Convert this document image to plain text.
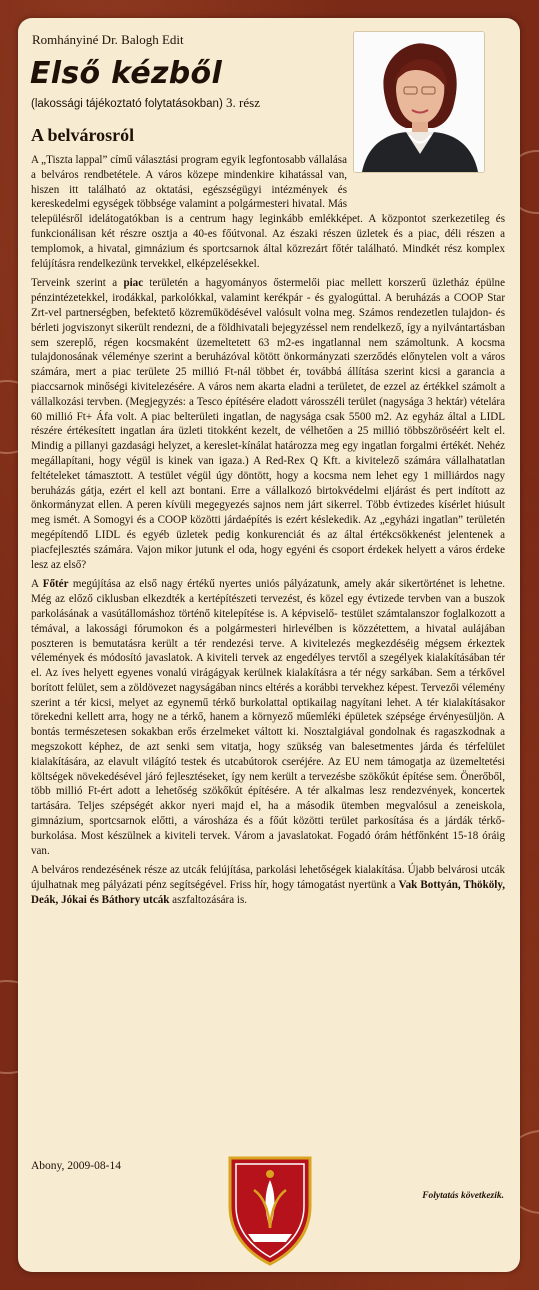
Romhányiné Dr. Balogh Edit
Első kézből
(lakossági tájékoztató folytatásokban) 3. rész
A belvárosról

A „Tiszta lappal” című választási program egyik legfontosabb vállalása a belváros rendbetétele. A város közepe mindenkire kihatással van, hiszen itt található az oktatási, egészségügyi intézmények és kereskedelmi egységek többsége valamint a polgármesteri hivatal. Más településről idelátogatókban is a centrum hagy leginkább emlékképet. A központot szerkezetileg és funkcionálisan két részre osztja a 40-es főútvonal. Az északi részen üzletek és a piac, déli részen a templomok, a hivatal, gimnázium és sportcsarnok által közrezárt főtér található. Mindkét rész komplex felújításra rendelkezünk tervekkel, elképzelésekkel.

Terveink szerint a piac területén a hagyományos őstermelői piac mellett korszerű üzletház épülne pénzintézetekkel, irodákkal, parkolókkal, valamint kerékpár - és gyalogúttal. A beruházás a COOP Star Zrt-vel partnerségben, befektető közreműködésével valósult volna meg. Számos rendezetlen tulajdon- és bérleti jogviszonyt sikerült rendezni, de a földhivatali bejegyzéssel nem rendelkező, így a nyilvántartásban sem szereplő, régen kocsmaként üzemeltetett 63 m2-es ingatlannal nem számoltunk. A kocsma tulajdonosának véleménye szerint a beruházóval kötött önkormányzati szerződés előnytelen volt a város számára, mert a piac területe 25 millió Ft-nál többet ér, továbbá állítása szerint kicsi a garancia a piaccsarnok minőségi kivitelezésére. A város nem akarta eladni a területet, de ezzel az értékkel számolt a vállalkozási tervben. (Megjegyzés: a Tesco építésére eladott városszéli terület (nagysága 3 hektár) vételára 60 millió Ft+ Áfa volt. A piac belterületi ingatlan, de nagysága csak 5500 m2. Az egyház által a LIDL részére értékesített ingatlan ára üzleti titokként kezelt, de vélhetően a 25 millió többszöröséért kelt el. Mindig a pillanyi gazdasági helyzet, a kereslet-kínálat határozza meg egy ingatlan forgalmi értékét. Nehéz megállapítani, hogy végül is kinek van igaza.) A Red-Rex Q Kft. a kivitelező számára vállalhatatlan feltételeket támasztott. A testület végül úgy döntött, hogy a kocsma nem lehet egy 1 milliárdos nagy beruházás gátja, ezért el kell azt bontani. Erre a vállalkozó birtokvédelmi eljárást és pert indított az önkormányzat ellen. A peren kívüli megegyezés sajnos nem járt sikerrel. Több évtizedes kísérlet hiúsult meg ismét. A Somogyi és a COOP közötti járdaépítés is ezért késlekedik. Az „egyházi ingatlan” területén megépítendő LIDL és egyéb üzletek pedig konkurenciát és az által értékcsökkenést jelentenek a piacfejlesztés számára. Vajon mikor jutunk el oda, hogy egyéni és csoport érdekek helyett a város érdeke lesz az első?

A Főtér megújítása az első nagy értékű nyertes uniós pályázatunk, amely akár sikertörténet is lehetne. Még az előző ciklusban elkezdték a kertépítészeti tervezést, és közel egy évtizede tervben van a buszok parkolásának a vasútállomáshoz történő kitelepítése is. A képviselő- testület számtalanszor foglalkozott a témával, a lakossági fórumokon és a polgármesteri hirlevélben is közzétettem, a hivatal aulájában poszteren is bemutatásra került a tér rendezési terve. A kivitelezés megkezdéséig mégsem érkeztek vélemények és módosító javaslatok. A kiviteli tervek az engedélyes tervtől a szegélyek kialakításában tér el. Az íves helyett egyenes vonalú virágágyak kerülnek kialakításra a tér négy sarkában. Sem a térkővel borított felület, sem a zöldövezet nagyságában nincs eltérés a korábbi tervekhez képest. Tervezői vélemény szerint a tér kicsi, melyet az egynemű térkő burkolattal optikailag nagyítani lehet. A tér kialakításakor törekedni kellett arra, hogy ne a térkő, hanem a környező műemléki épületek szépsége érvényesüljön. A bontás természetesen sokakban erős érzelmeket váltott ki. Nosztalgiával gondolnak és ragaszkodnak a megszokott képhez, de azt senki sem vitatja, hogy szükség van balesetmentes járda és térfelület kialakítására, az elavult világító testek és utcabútorok cseréjére. Az EU nem támogatja az üzemeltetési költségek növekedésével járó fejlesztéseket, így nem került a tervezésbe szökőkút építése sem. Önerőből, több millió Ft-ért adott a lehetőség szökőkút építésére. A tér alkalmas lesz rendezvények, koncertek tartására. Teljes szépségét akkor nyeri majd el, ha a második ütemben megvalósul a zeneiskola, gimnázium, sportcsarnok előtti, a városháza és a főút közötti terület parkosítása és a járdák térkő-burkolása. Most készülnek a kiviteli tervek. Várom a javaslatokat. Fogadó órám hétfőnként 15-18 óráig van.

A belváros rendezésének része az utcák felújítása, parkolási lehetőségek kialakítása. Újabb belvárosi utcák újulhatnak meg pályázati pénz segítségével. Friss hír, hogy támogatást nyertünk a Vak Bottyán, Thököly, Deák, Jókai és Báthory utcák aszfaltozására is.

Abony, 2009-08-14
Folytatás következik.
